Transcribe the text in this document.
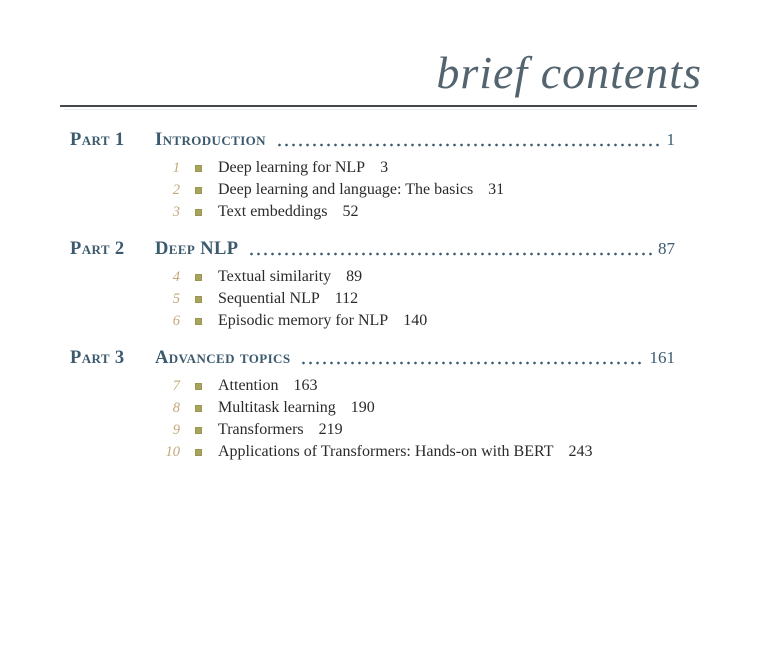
brief contents
Part 1	Introduction	1
1 Deep learning for NLP 3
2 Deep learning and language: The basics 31
3 Text embeddings 52
Part 2	Deep NLP	87
4 Textual similarity 89
5 Sequential NLP 112
6 Episodic memory for NLP 140
Part 3	Advanced topics	161
7 Attention 163
8 Multitask learning 190
9 Transformers 219
10 Applications of Transformers: Hands-on with BERT 243
